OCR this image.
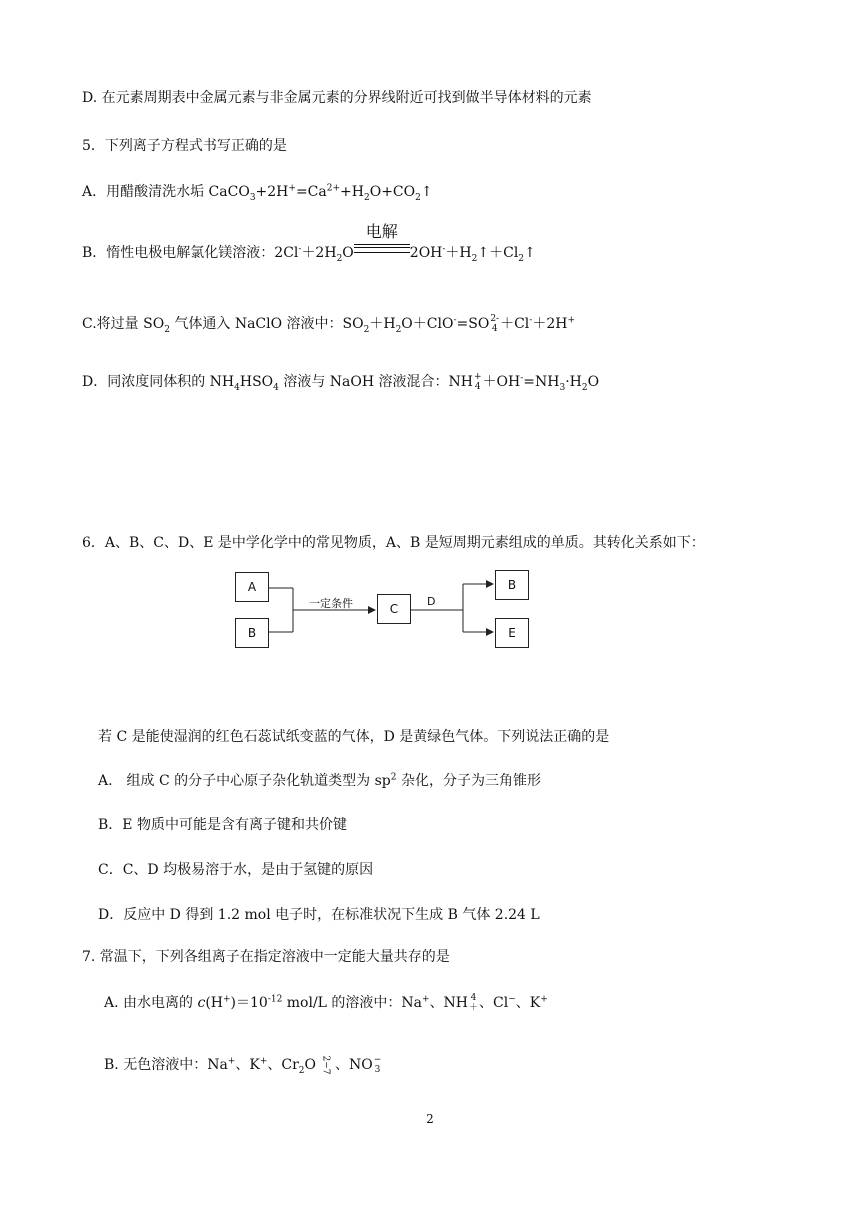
D. 在元素周期表中金属元素与非金属元素的分界线附近可找到做半导体材料的元素
5．下列离子方程式书写正确的是
A．用醋酸清洗水垢 $CaCO_3+2H^+=Ca^{2+}+H_2O+CO_2↑$
B．惰性电极电解氯化镁溶液：$2Cl^-+2H_2O$
电解
$2OH^-+H_2↑+Cl_2↑$
C.将过量 $SO_2$ 气体通入 NaClO 溶液中：$SO_2+H_2O+ClO^-=SO$ 2-
4 ＋Cl-＋2H+
D．同浓度同体积的 $NH_4HSO_4$ 溶液与 NaOH 溶液混合：NH +
$4 +OH^-=NH_3\cdot H_2O$
6．A、B、C、D、E 是中学化学中的常见物质，A、B 是短周期元素组成的单质。其转化关系如下：
A
B
C
B
E
一定条件	D
若 C 是能使湿润的红色石蕊试纸变蓝的气体，D 是黄绿色气体。下列说法正确的是
A.　组成 C 的分子中心原子杂化轨道类型为 $sp^2$ 杂化，分子为三角锥形
B．E 物质中可能是含有离子键和共价键
C．C、D 均极易溶于水，是由于氢键的原因
D．反应中 D 得到 1.2 mol 电子时，在标准状况下生成 B 气体 2.24 L
7. 常温下，下列各组离子在指定溶液中一定能大量共存的是
A. 由水电离的 $c(H^+)=10^{-12}$ mol/L 的溶液中：Na+、NH 4
＋ 、Cl−、K+
B. 无色溶液中：Na+、K+、$Cr_2O$ 2−7 、NO −
3
2
